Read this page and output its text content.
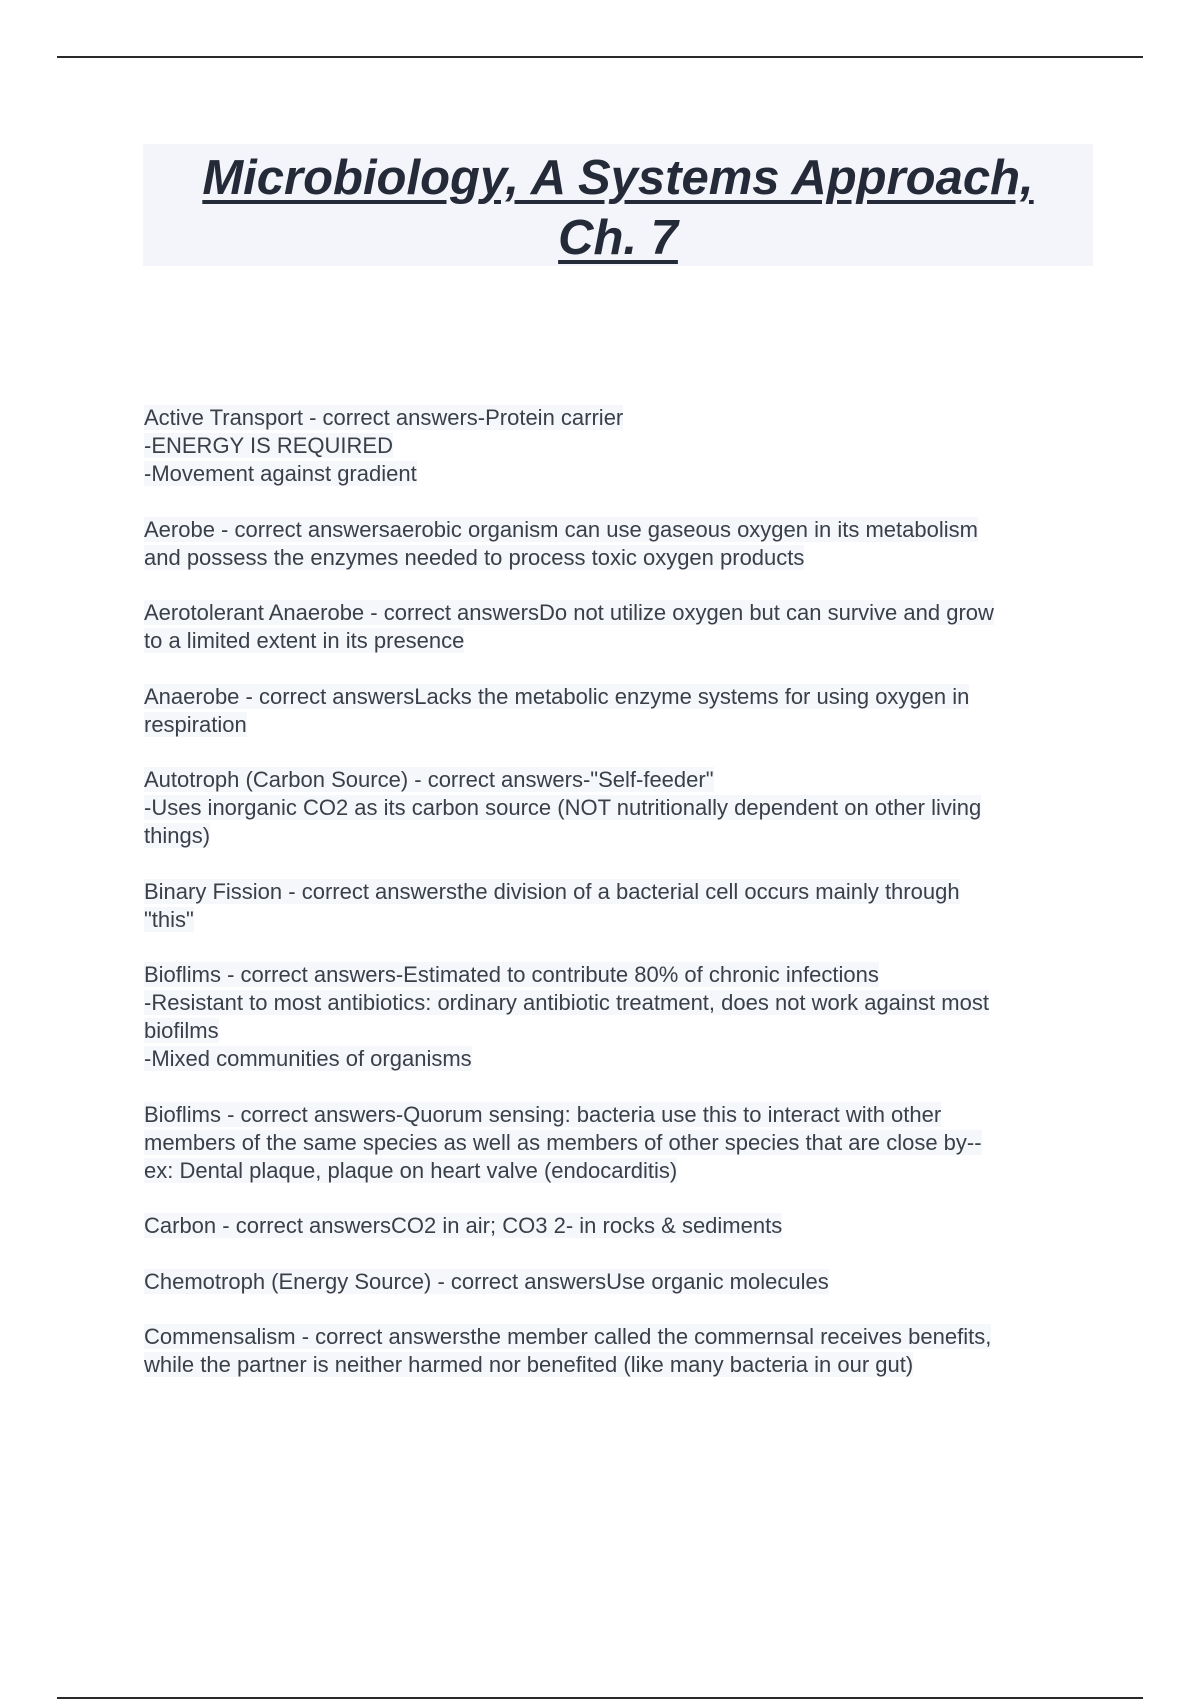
Microbiology, A Systems Approach,
Ch. 7
Active Transport - correct answers-Protein carrier
-ENERGY IS REQUIRED
-Movement against gradient
Aerobe - correct answersaerobic organism can use gaseous oxygen in its metabolism
and possess the enzymes needed to process toxic oxygen products
Aerotolerant Anaerobe - correct answersDo not utilize oxygen but can survive and grow
to a limited extent in its presence
Anaerobe - correct answersLacks the metabolic enzyme systems for using oxygen in
respiration
Autotroph (Carbon Source) - correct answers-"Self-feeder"
-Uses inorganic CO2 as its carbon source (NOT nutritionally dependent on other living
things)
Binary Fission - correct answersthe division of a bacterial cell occurs mainly through
"this"
Bioflims - correct answers-Estimated to contribute 80% of chronic infections
-Resistant to most antibiotics: ordinary antibiotic treatment, does not work against most
biofilms
-Mixed communities of organisms
Bioflims - correct answers-Quorum sensing: bacteria use this to interact with other
members of the same species as well as members of other species that are close by--
ex: Dental plaque, plaque on heart valve (endocarditis)
Carbon - correct answersCO2 in air; CO3 2- in rocks & sediments
Chemotroph (Energy Source) - correct answersUse organic molecules
Commensalism - correct answersthe member called the commernsal receives benefits,
while the partner is neither harmed nor benefited (like many bacteria in our gut)
